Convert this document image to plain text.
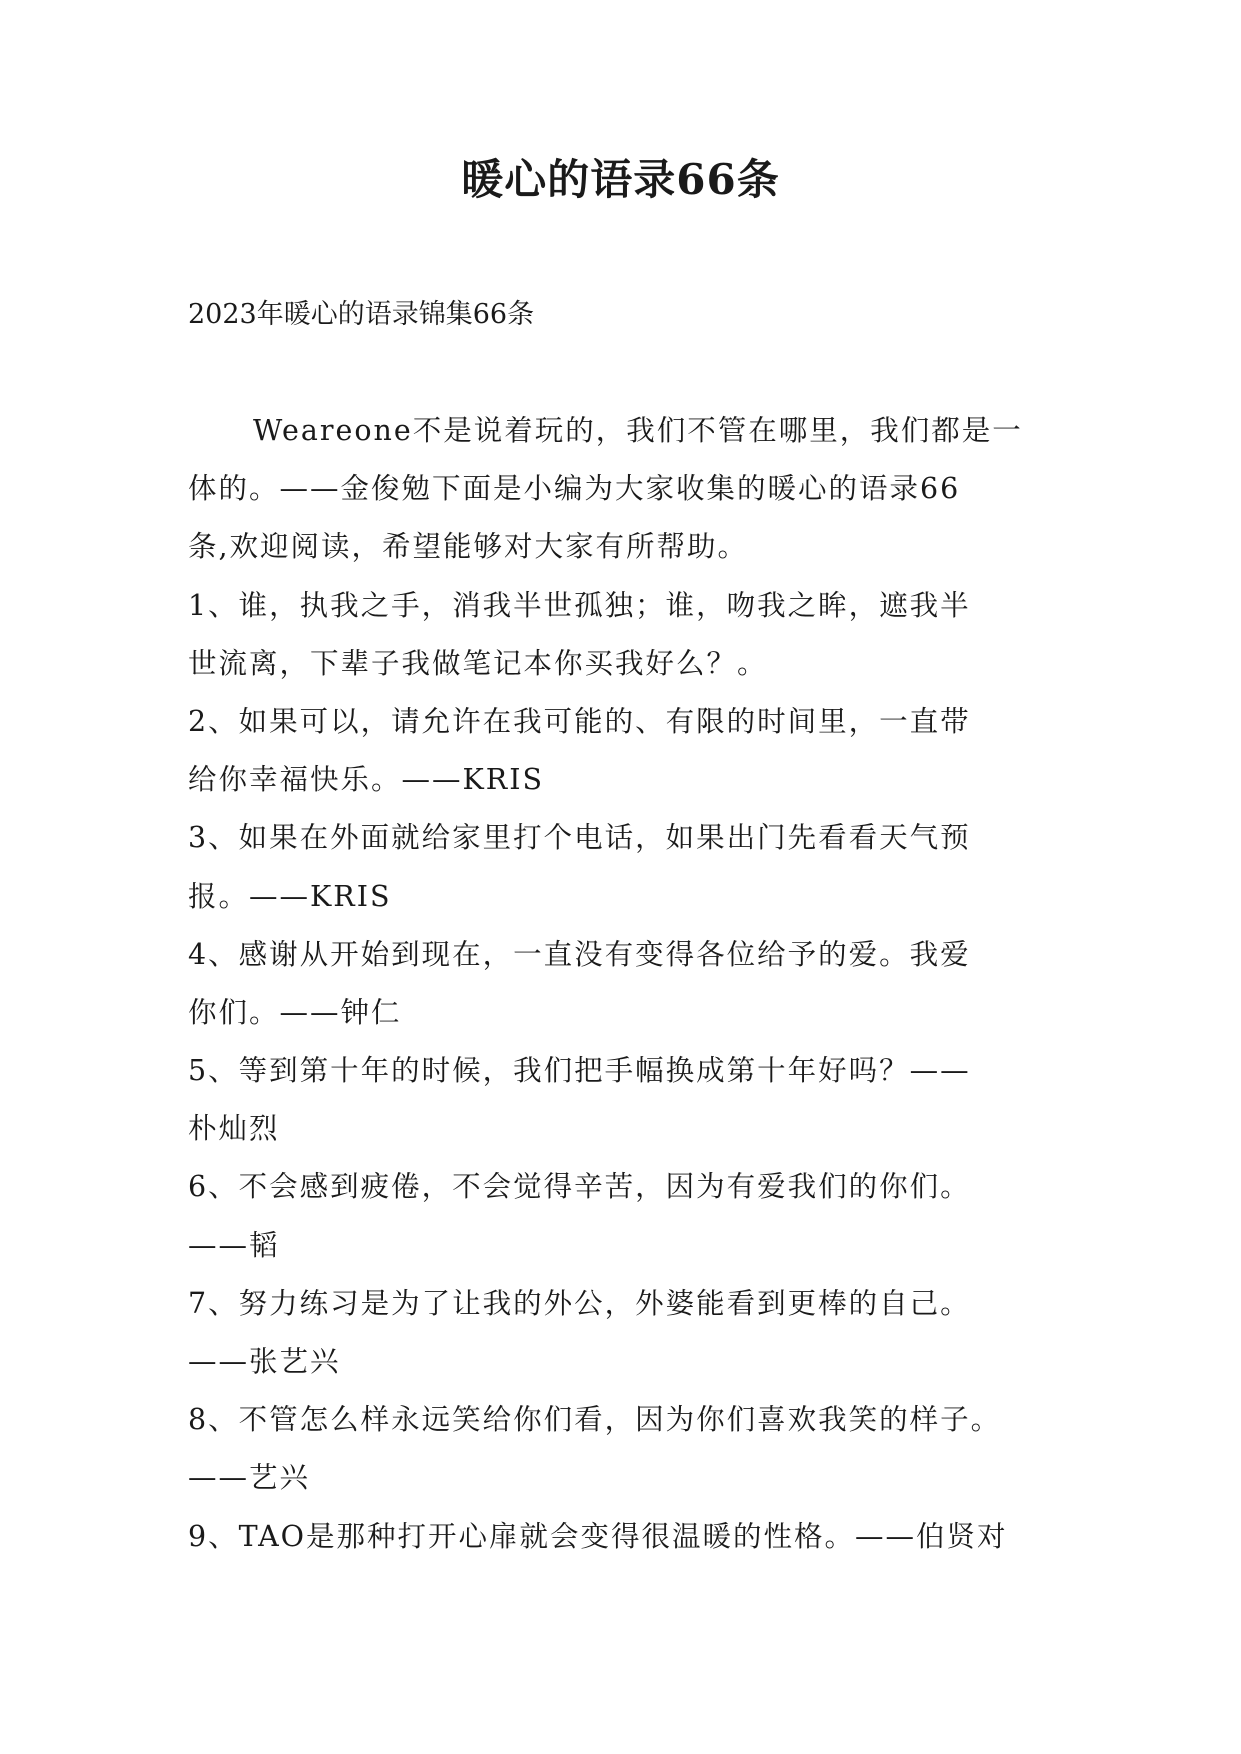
暖心的语录66条
2023年暖心的语录锦集66条
Weareone不是说着玩的，我们不管在哪里，我们都是一
体的。——金俊勉下面是小编为大家收集的暖心的语录66
条,欢迎阅读，希望能够对大家有所帮助。
1、谁，执我之手，消我半世孤独；谁，吻我之眸，遮我半
世流离，下辈子我做笔记本你买我好么？。
2、如果可以，请允许在我可能的、有限的时间里，一直带
给你幸福快乐。——KRIS
3、如果在外面就给家里打个电话，如果出门先看看天气预
报。——KRIS
4、感谢从开始到现在，一直没有变得各位给予的爱。我爱
你们。——钟仁
5、等到第十年的时候，我们把手幅换成第十年好吗？——
朴灿烈
6、不会感到疲倦，不会觉得辛苦，因为有爱我们的你们。
——韬
7、努力练习是为了让我的外公，外婆能看到更棒的自己。
——张艺兴
8、不管怎么样永远笑给你们看，因为你们喜欢我笑的样子。
——艺兴
9、TAO是那种打开心扉就会变得很温暖的性格。——伯贤对
